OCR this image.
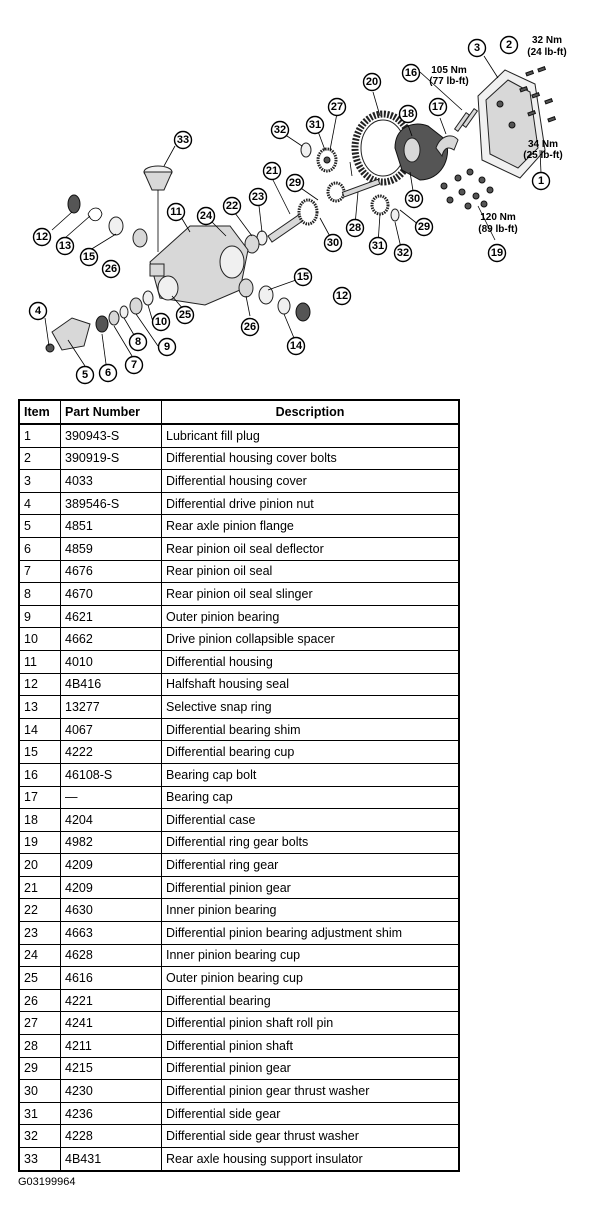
32 Nm
(24 lb-ft)
105 Nm
(77 lb-ft)
34 Nm
(25 lb-ft)
120 Nm
(89 lb-ft)
1
2
3
4
5 6
7
8 9
10
11
12
12
13
14
15
15
16
17
18
19
20
21
22
23
24
25
26
26
27
28
29
29
30
30
31
31
32
32
33
Item	Part Number	Description
1	390943-S	Lubricant fill plug
2	390919-S	Differential housing cover bolts
3	4033	Differential housing cover
4	389546-S	Differential drive pinion nut
5	4851	Rear axle pinion flange
6	4859	Rear pinion oil seal deflector
7	4676	Rear pinion oil seal
8	4670	Rear pinion oil seal slinger
9	4621	Outer pinion bearing
10	4662	Drive pinion collapsible spacer
11	4010	Differential housing
12	4B416	Halfshaft housing seal
13	13277	Selective snap ring
14	4067	Differential bearing shim
15	4222	Differential bearing cup
16	46108-S	Bearing cap bolt
17	—	Bearing cap
18	4204	Differential case
19	4982	Differential ring gear bolts
20	4209	Differential ring gear
21	4209	Differential pinion gear
22	4630	Inner pinion bearing
23	4663	Differential pinion bearing adjustment shim
24	4628	Inner pinion bearing cup
25	4616	Outer pinion bearing cup
26	4221	Differential bearing
27	4241	Differential pinion shaft roll pin
28	4211	Differential pinion shaft
29	4215	Differential pinion gear
30	4230	Differential pinion gear thrust washer
31	4236	Differential side gear
32	4228	Differential side gear thrust washer
33	4B431	Rear axle housing support insulator
G03199964
